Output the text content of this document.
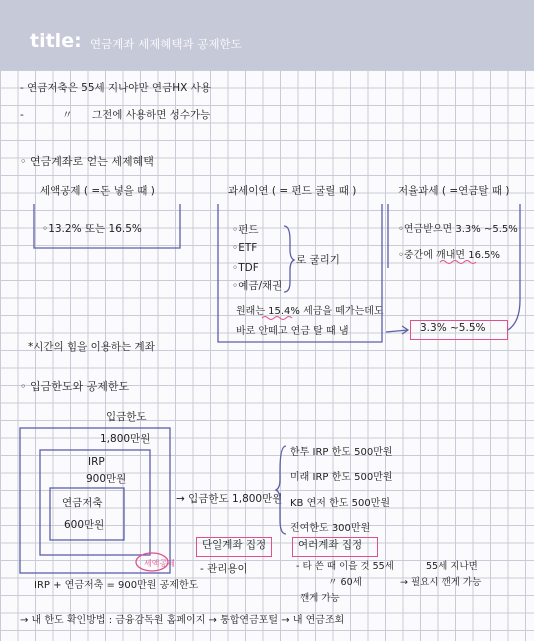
title: 연금계좌 세제혜택과 공제한도
- 연금저축은 55세 지나야만 연금HX 사용
-	〃 그전에 사용하면 성수가능
◦ 연금계좌로 얻는 세제혜택
세액공제 ( =돈 넣을 때 )
◦13.2% 또는 16.5%
과세이연 ( = 펀드 굴릴 때 )
◦펀드
◦ETF
◦TDF
◦예금/채권
로 굴리기
원래는 15.4% 세금을 떼가는데도
바로 안떼고 연금 탈 때 냄
저율과세 ( =연금탈 때 )
◦연금받으면 3.3% ~5.5%
◦중간에 깨내면 16.5%
3.3% ~5.5%
*시간의 힘을 이용하는 계좌
◦ 입금한도와 공제한도
입금한도
1,800만원
IRP
900만원
연금저축
600만원
세액공제
IRP + 연금저축 = 900만원 공제한도
→ 입금한도 1,800만원
한투 IRP 한도 500만원
미래 IRP 한도 500만원
KB 연저 한도 500만원
진여한도 300만원
단일계좌 집정
- 관리용이
여러계좌 집정
- 타 쓴 때 이을 것 55세
〃 60세
깬게 가능
55세 지나면
→ 필요시 깬게 가능
→ 내 한도 확인방법 : 금융감독원 홈페이지 → 통합연금포털 → 내 연금조회
